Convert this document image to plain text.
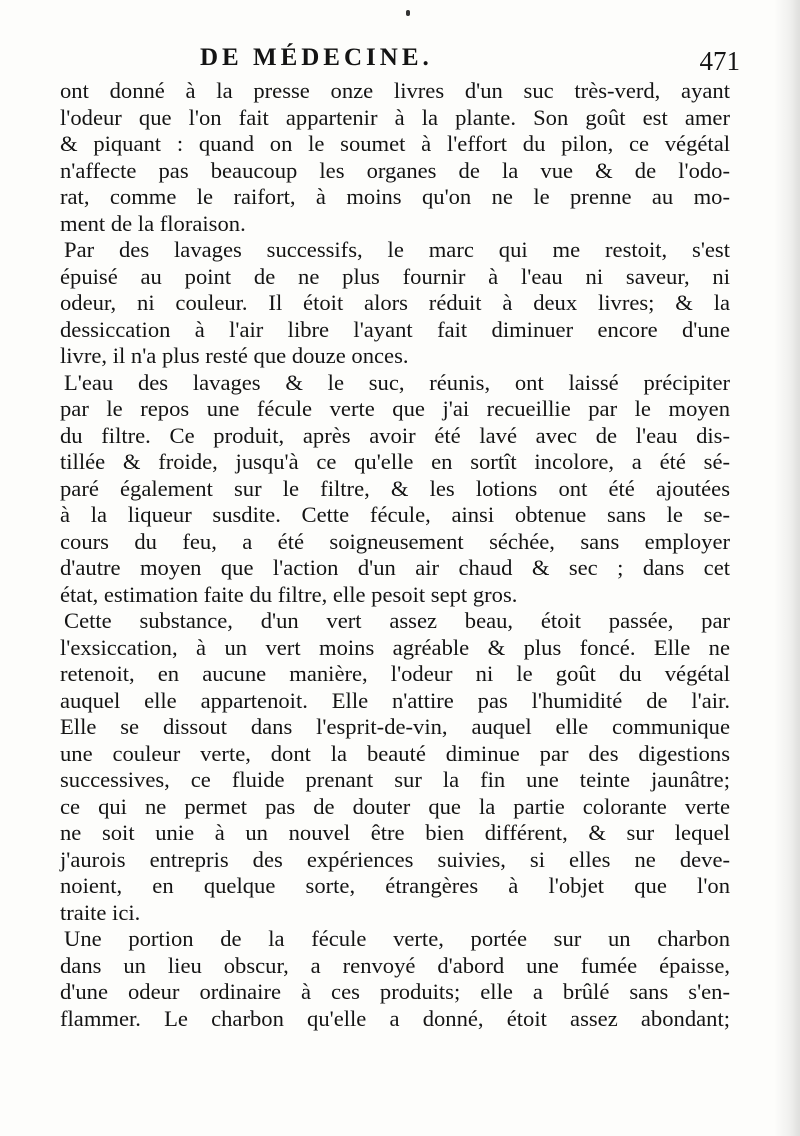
DE MÉDECINE.	471
ont donné à la presse onze livres d'un suc très-verd, ayant
l'odeur que l'on fait appartenir à la plante. Son goût est amer
& piquant : quand on le soumet à l'effort du pilon, ce végétal
n'affecte pas beaucoup les organes de la vue & de l'odo-
rat, comme le raifort, à moins qu'on ne le prenne au mo-
ment de la floraison.
Par des lavages successifs, le marc qui me restoit, s'est
épuisé au point de ne plus fournir à l'eau ni saveur, ni
odeur, ni couleur. Il étoit alors réduit à deux livres; & la
dessiccation à l'air libre l'ayant fait diminuer encore d'une
livre, il n'a plus resté que douze onces.
L'eau des lavages & le suc, réunis, ont laissé précipiter
par le repos une fécule verte que j'ai recueillie par le moyen
du filtre. Ce produit, après avoir été lavé avec de l'eau dis-
tillée & froide, jusqu'à ce qu'elle en sortît incolore, a été sé-
paré également sur le filtre, & les lotions ont été ajoutées
à la liqueur susdite. Cette fécule, ainsi obtenue sans le se-
cours du feu, a été soigneusement séchée, sans employer
d'autre moyen que l'action d'un air chaud & sec ; dans cet
état, estimation faite du filtre, elle pesoit sept gros.
Cette substance, d'un vert assez beau, étoit passée, par
l'exsiccation, à un vert moins agréable & plus foncé. Elle ne
retenoit, en aucune manière, l'odeur ni le goût du végétal
auquel elle appartenoit. Elle n'attire pas l'humidité de l'air.
Elle se dissout dans l'esprit-de-vin, auquel elle communique
une couleur verte, dont la beauté diminue par des digestions
successives, ce fluide prenant sur la fin une teinte jaunâtre;
ce qui ne permet pas de douter que la partie colorante verte
ne soit unie à un nouvel être bien différent, & sur lequel
j'aurois entrepris des expériences suivies, si elles ne deve-
noient, en quelque sorte, étrangères à l'objet que l'on
traite ici.
Une portion de la fécule verte, portée sur un charbon
dans un lieu obscur, a renvoyé d'abord une fumée épaisse,
d'une odeur ordinaire à ces produits; elle a brûlé sans s'en-
flammer. Le charbon qu'elle a donné, étoit assez abondant;
